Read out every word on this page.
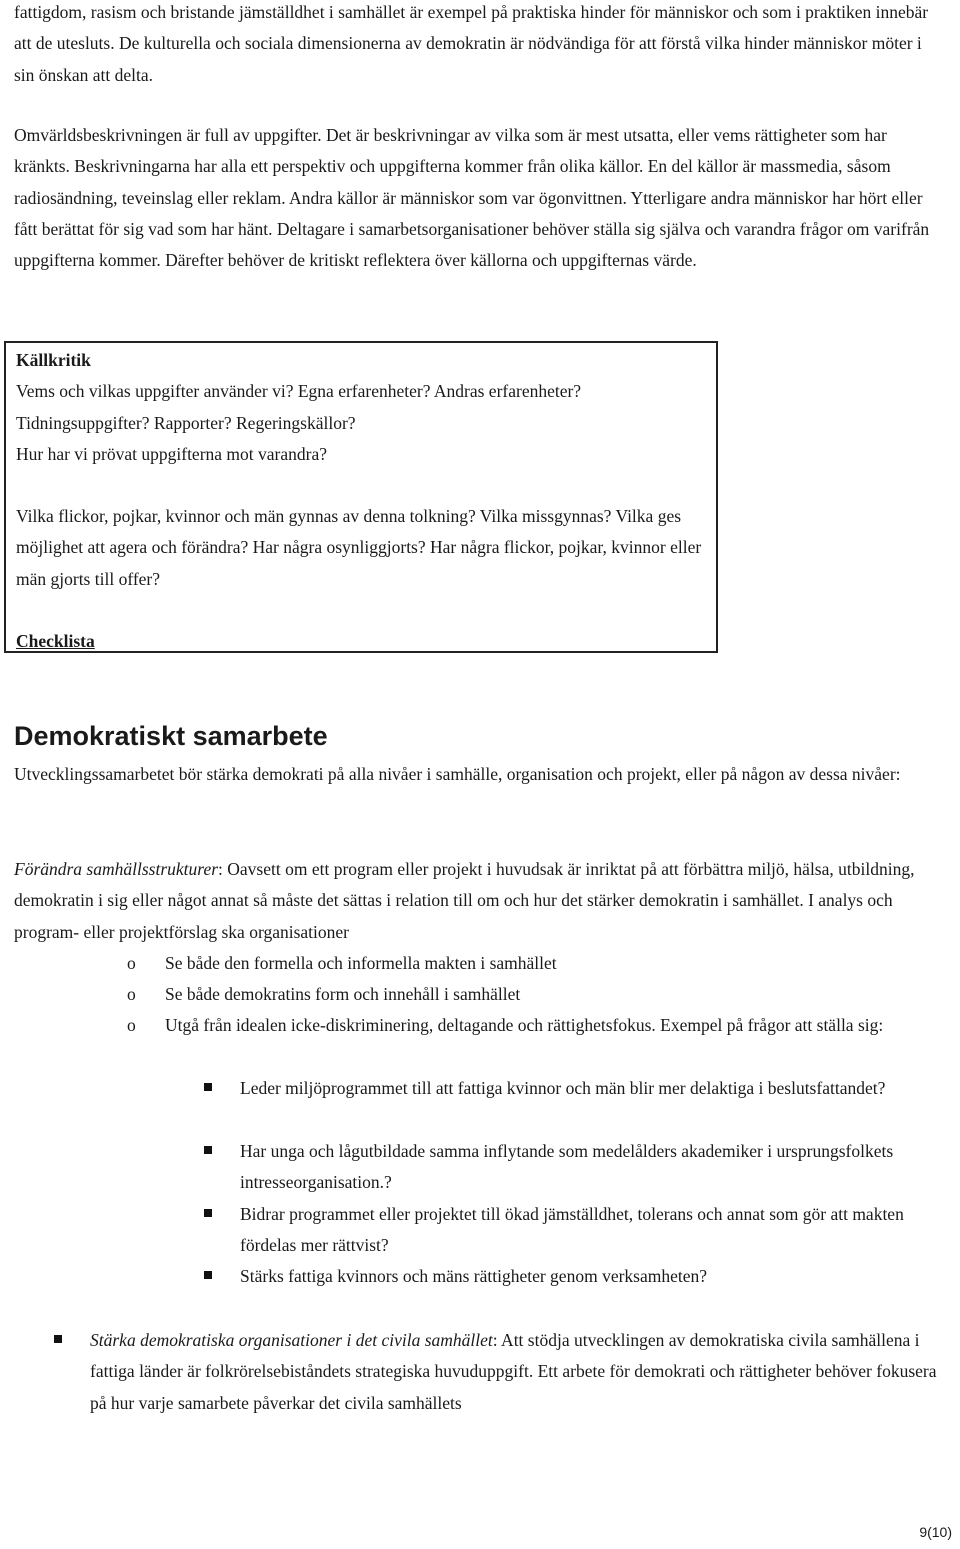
fattigdom, rasism och bristande jämställdhet i samhället är exempel på praktiska hinder för människor och som i praktiken innebär att de utesluts. De kulturella och sociala dimensionerna av demokratin är nödvändiga för att förstå vilka hinder människor möter i sin önskan att delta.

Omvärldsbeskrivningen är full av uppgifter. Det är beskrivningar av vilka som är mest utsatta, eller vems rättigheter som har kränkts. Beskrivningarna har alla ett perspektiv och uppgifterna kommer från olika källor. En del källor är massmedia, såsom radiosändning, teveinslag eller reklam. Andra källor är människor som var ögonvittnen. Ytterligare andra människor har hört eller fått berättat för sig vad som har hänt. Deltagare i samarbetsorganisationer behöver ställa sig själva och varandra frågor om varifrån uppgifterna kommer. Därefter behöver de kritiskt reflektera över källorna och uppgifternas värde.

Källkritik

Vems och vilkas uppgifter använder vi? Egna erfarenheter? Andras erfarenheter? Tidningsuppgifter? Rapporter? Regeringskällor?

Hur har vi prövat uppgifterna mot varandra?

Vilka flickor, pojkar, kvinnor och män gynnas av denna tolkning? Vilka missgynnas? Vilka ges möjlighet att agera och förändra? Har några osynliggjorts? Har några flickor, pojkar, kvinnor eller män gjorts till offer?

Checklista

Demokratiskt samarbete

Utvecklingssamarbetet bör stärka demokrati på alla nivåer i samhälle, organisation och projekt, eller på någon av dessa nivåer:

Förändra samhällsstrukturer: Oavsett om ett program eller projekt i huvudsak är inriktat på att förbättra miljö, hälsa, utbildning, demokratin i sig eller något annat så måste det sättas i relation till om och hur det stärker demokratin i samhället. I analys och program- eller projektförslag ska organisationer

o Se både den formella och informella makten i samhället
o Se både demokratins form och innehåll i samhället
o Utgå från idealen icke-diskriminering, deltagande och rättighetsfokus. Exempel på frågor att ställa sig:
Leder miljöprogrammet till att fattiga kvinnor och män blir mer delaktiga i beslutsfattandet?
Har unga och lågutbildade samma inflytande som medelålders akademiker i ursprungsfolkets intresseorganisation.?
Bidrar programmet eller projektet till ökad jämställdhet, tolerans och annat som gör att makten fördelas mer rättvist?
Stärks fattiga kvinnors och mäns rättigheter genom verksamheten?
Stärka demokratiska organisationer i det civila samhället: Att stödja utvecklingen av demokratiska civila samhällena i fattiga länder är folkrörelsebiståndets strategiska huvuduppgift. Ett arbete för demokrati och rättigheter behöver fokusera på hur varje samarbete påverkar det civila samhällets
9(10)
